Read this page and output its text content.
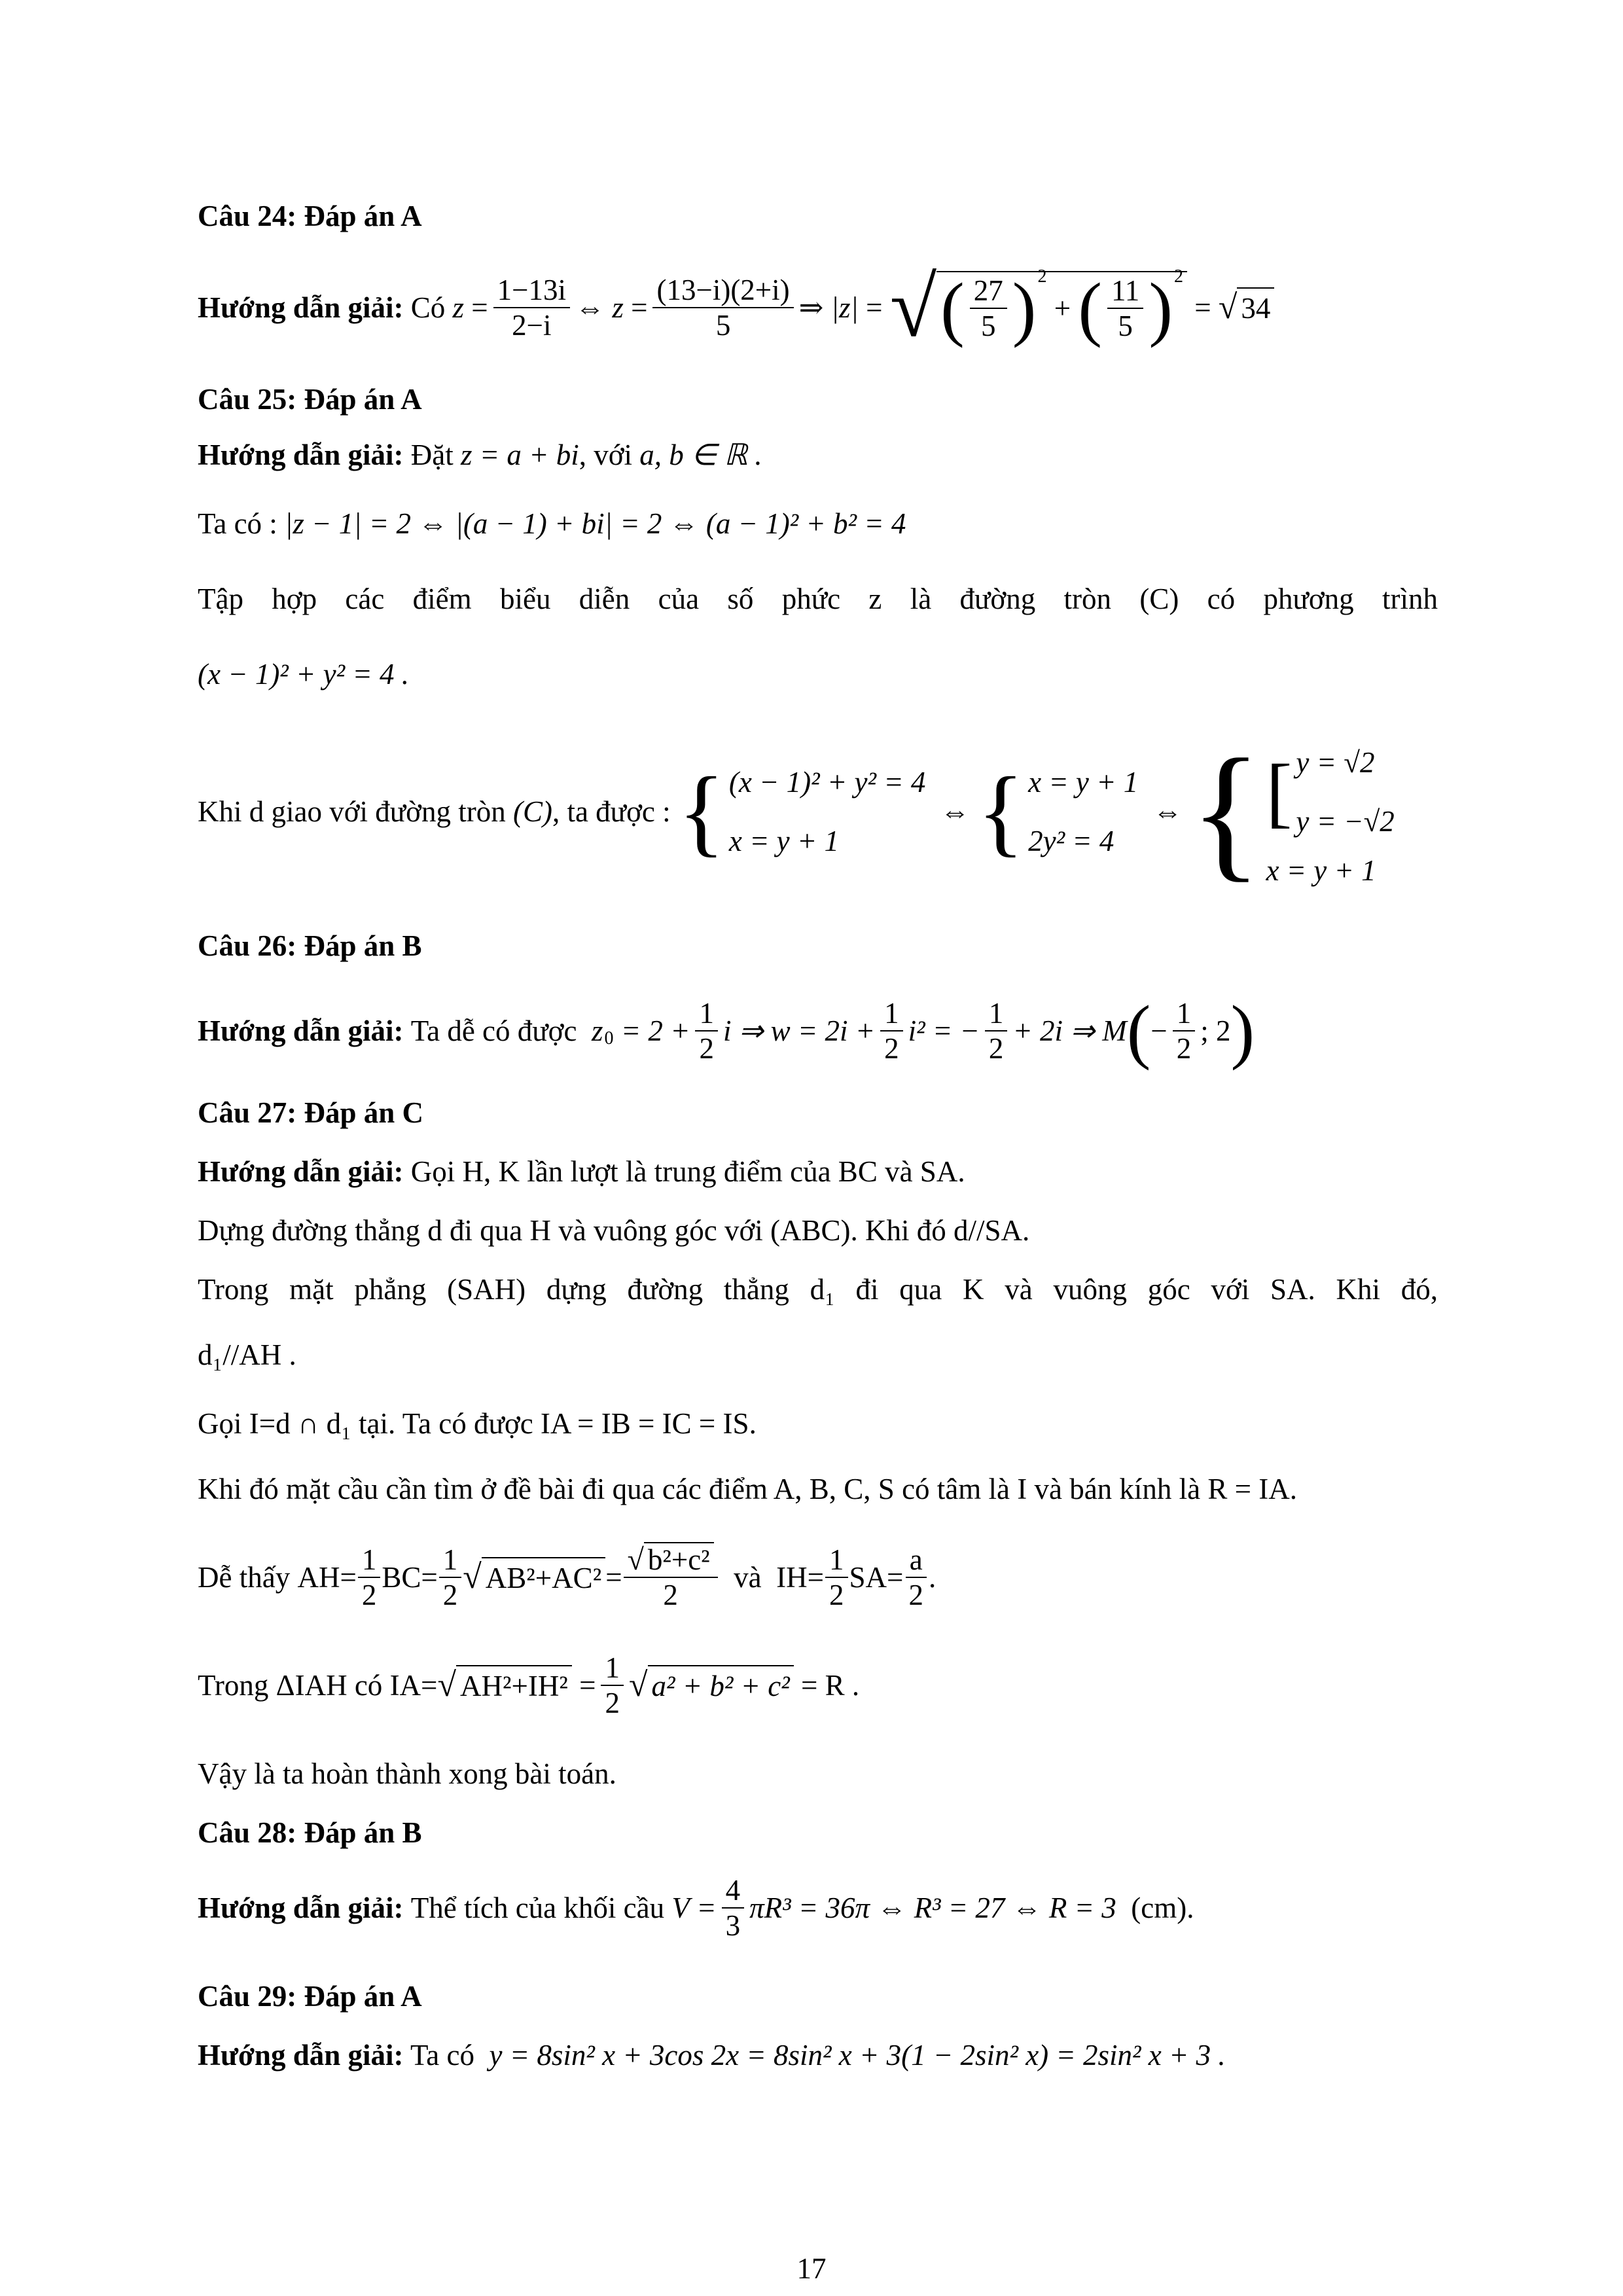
Câu 24: Đáp án A
Hướng dẫn giải:
Có
z
= $\frac{1-13i}{2-i}$ ⇔
z
= $\frac{(13-i)(2+i)}{5}$ ⇒
|z|
=
√ ( $\frac{27}{5}$ ) 2

+
( $\frac{11}{5}$ ) 2

=
√ 34
Câu 25: Đáp án A
Hướng dẫn giải: Đặt z = a + bi, với a, b ∈ ℝ .
Ta có : |z − 1| = 2 ⇔ |(a − 1) + bi| = 2 ⇔ (a − 1)² + b² = 4
Tập hợp các điểm biểu diễn của số phức z là đường tròn (C) có phương trình
(x − 1)² + y² = 4 .
Khi d giao với đường tròn
(C) , ta được :
{ (x − 1)² + y² = 4
x = y + 1

⇔
{ x = y + 1
2y² = 4

⇔
{ [ y = √2
y = −√2
x = y + 1
Câu 26: Đáp án B
Hướng dẫn giải:
Ta dễ có được
z 0
= $2 + \frac{1}{2}$ i ⇒ $w = 2i + \frac{1}{2} i^2$ = − $\frac{1}{2} + 2i$ ⇒ M ( − $\frac{1}{2}$ ; 2 )
Câu 27: Đáp án C
Hướng dẫn giải: Gọi H, K lần lượt là trung điểm của BC và SA.
Dựng đường thẳng d đi qua H và vuông góc với (ABC). Khi đó d//SA.
Trong mặt phẳng (SAH) dựng đường thẳng d₁ đi qua K và vuông góc với SA. Khi đó,
d₁//AH .
Gọi I=d ∩ d₁ tại. Ta có được IA = IB = IC = IS.
Khi đó mặt cầu cần tìm ở đề bài đi qua các điểm A, B, C, S có tâm là I và bán kính là R = IA.
Dễ thấy
$AH= \frac{1}{2} BC= \frac{1}{2}$ √ $AB^2+AC^2 = \frac{\text{√ b²+c²}}{2}$
và
$IH= \frac{1}{2} SA= \frac{a}{2}$ .
Trong
ΔIAH có
IA= √ AH²+IH²
= $\frac{1}{2}$ √ a² + b² + c²
= R .
Vậy là ta hoàn thành xong bài toán.
Câu 28: Đáp án B
Hướng dẫn giải:
Thể tích của khối cầu
$V = \frac{4}{3} \pi R^3 = 36\pi$ ⇔ R³ = 27 ⇔ R = 3
(cm).
Câu 29: Đáp án A
Hướng dẫn giải: Ta có y = 8sin² x + 3cos 2x = 8sin² x + 3(1 − 2sin² x) = 2sin² x + 3 .
17
